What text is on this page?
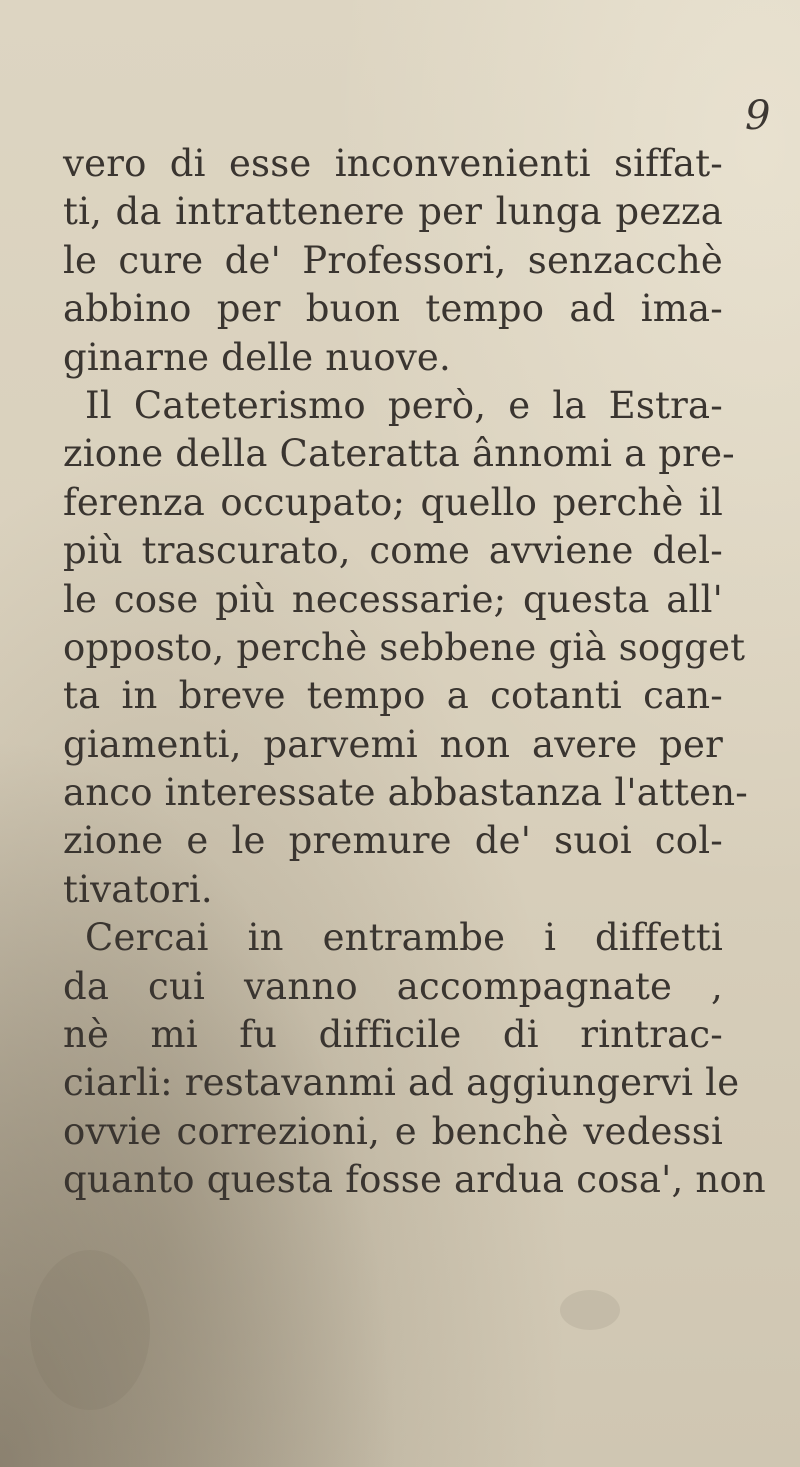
9
vero di esse inconvenienti siffat-
ti, da intrattenere per lunga pezza
le cure de' Professori, senzacchè
abbino per buon tempo ad ima-
ginarne delle nuove.
Il Cateterismo però, e la Estra-
zione della Cateratta ânnomi a pre-
ferenza occupato; quello perchè il
più trascurato, come avviene del-
le cose più necessarie; questa all'
opposto, perchè sebbene già sogget
ta in breve tempo a cotanti can-
giamenti, parvemi non avere per
anco interessate abbastanza l'atten-
zione e le premure de' suoi col-
tivatori.
Cercai in entrambe i diffetti
da cui vanno accompagnate ,
nè mi fu difficile di rintrac-
ciarli: restavanmi ad aggiungervi le
ovvie correzioni, e benchè vedessi
quanto questa fosse ardua cosa', non
